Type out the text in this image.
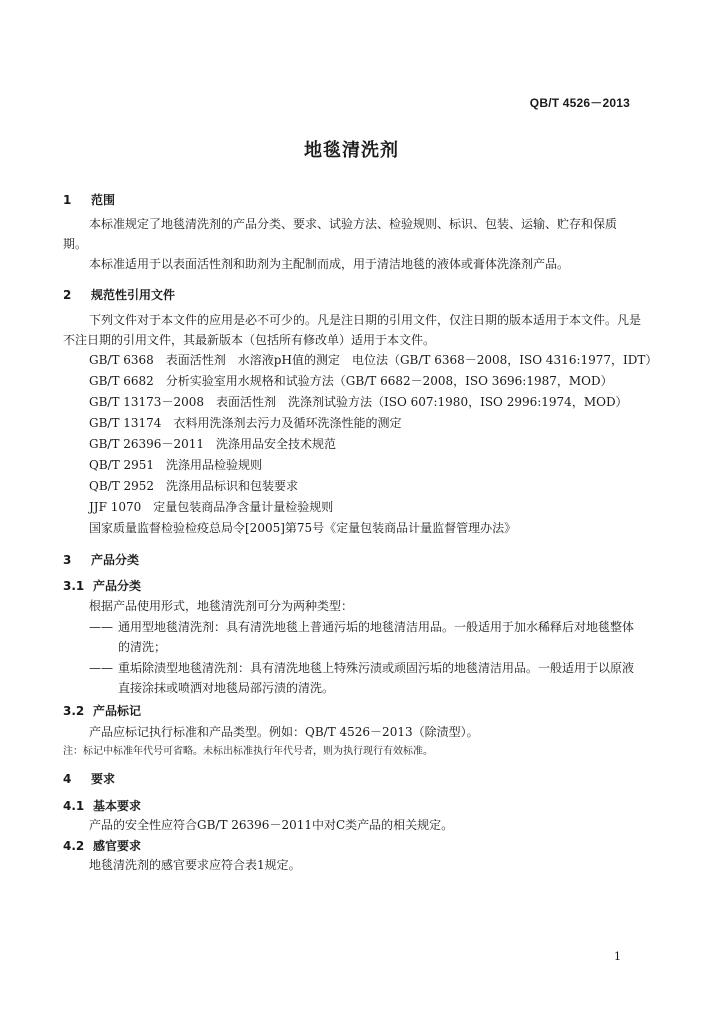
QB/T 4526－2013
地毯清洗剂
1 范围
本标准规定了地毯清洗剂的产品分类、要求、试验方法、检验规则、标识、包装、运输、贮存和保质期。
本标准适用于以表面活性剂和助剂为主配制而成，用于清洁地毯的液体或膏体洗涤剂产品。
2 规范性引用文件
下列文件对于本文件的应用是必不可少的。凡是注日期的引用文件，仅注日期的版本适用于本文件。凡是不注日期的引用文件，其最新版本（包括所有修改单）适用于本文件。
GB/T 6368　表面活性剂　水溶液pH值的测定　电位法（GB/T 6368－2008，ISO 4316:1977，IDT）
GB/T 6682　分析实验室用水规格和试验方法（GB/T 6682－2008，ISO 3696:1987，MOD）
GB/T 13173－2008　表面活性剂　洗涤剂试验方法（ISO 607:1980，ISO 2996:1974，MOD）
GB/T 13174　衣料用洗涤剂去污力及循环洗涤性能的测定
GB/T 26396－2011　洗涤用品安全技术规范
QB/T 2951　洗涤用品检验规则
QB/T 2952　洗涤用品标识和包装要求
JJF 1070　定量包装商品净含量计量检验规则
国家质量监督检验检疫总局令[2005]第75号《定量包装商品计量监督管理办法》
3 产品分类
3.1 产品分类
根据产品使用形式，地毯清洗剂可分为两种类型：
—— 通用型地毯清洗剂：具有清洗地毯上普通污垢的地毯清洁用品。一般适用于加水稀释后对地毯整体的清洗；
—— 重垢除渍型地毯清洗剂：具有清洗地毯上特殊污渍或顽固污垢的地毯清洁用品。一般适用于以原液直接涂抹或喷洒对地毯局部污渍的清洗。
3.2 产品标记
产品应标记执行标准和产品类型。例如：QB/T 4526－2013（除渍型）。
注：标记中标准年代号可省略。未标出标准执行年代号者，则为执行现行有效标准。
4 要求
4.1 基本要求
产品的安全性应符合GB/T 26396－2011中对C类产品的相关规定。
4.2 感官要求
地毯清洗剂的感官要求应符合表1规定。
1
